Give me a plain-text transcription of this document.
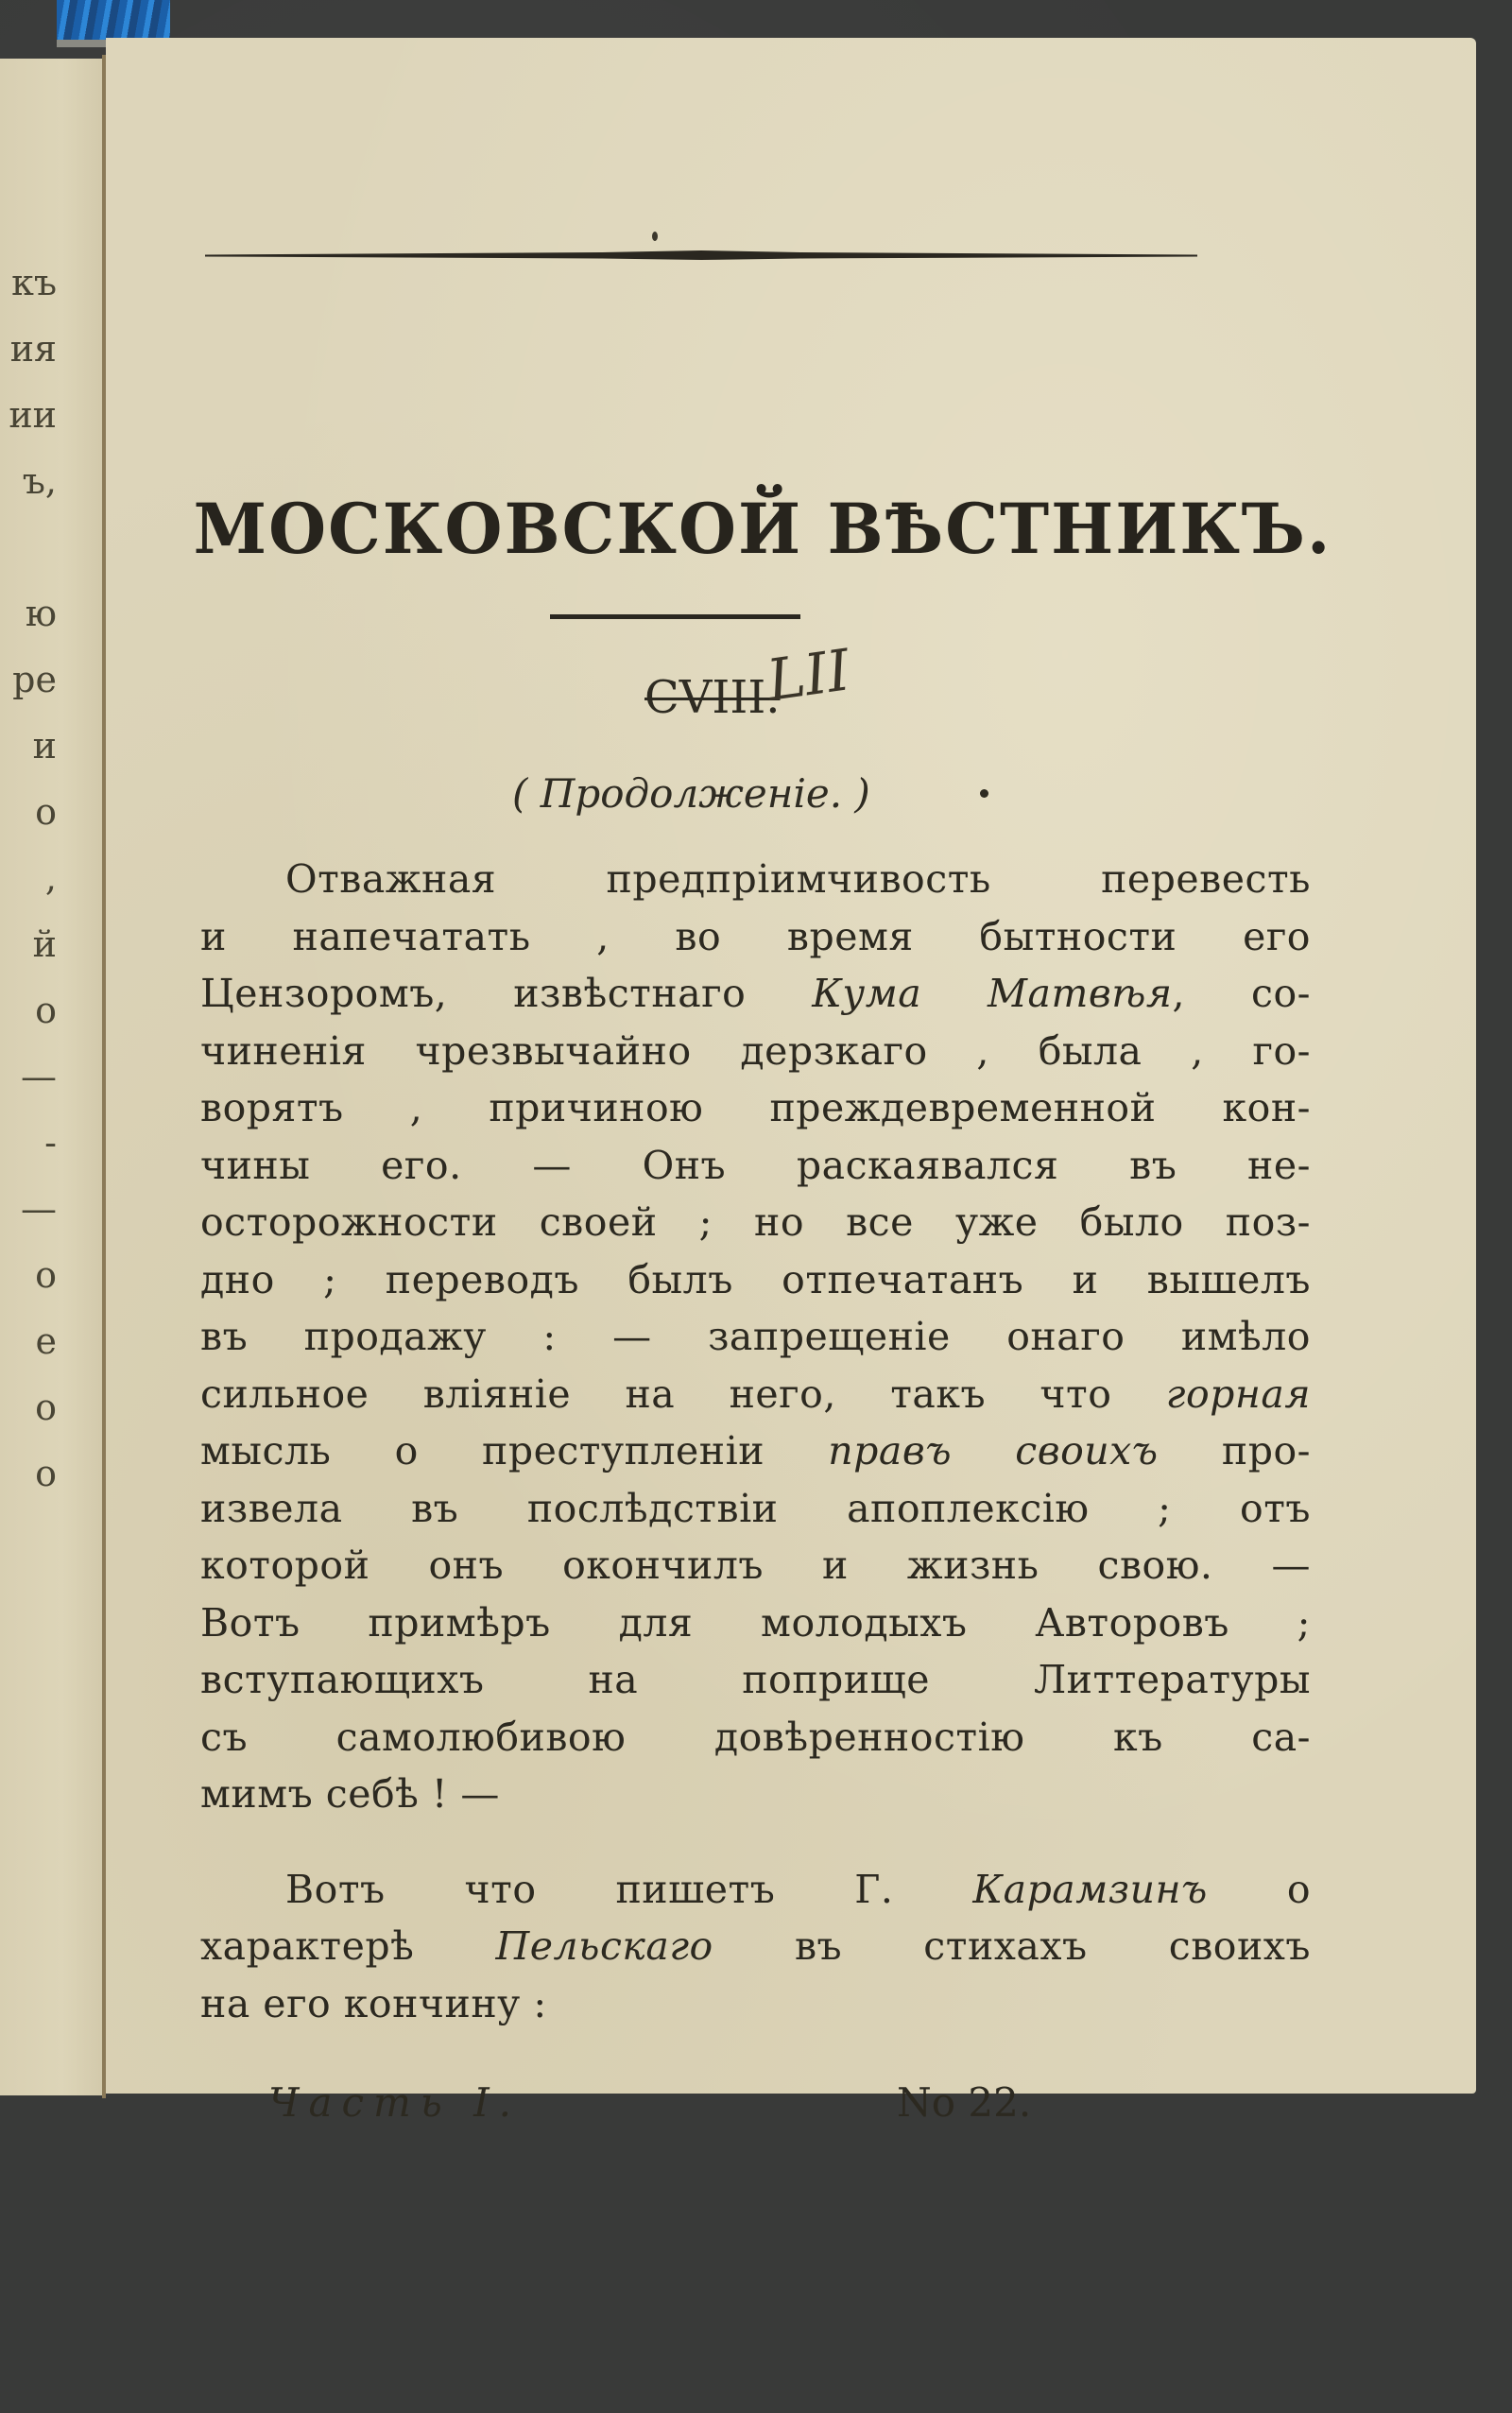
къ
ия
ии
ъ,
ю
ре
и
о
,
й
о
—
-
—
о
е
о
о
МОСКОВСКОЙ ВѢСТНИКЪ.
CVIII.
LII
( Продолженіе. )
Отважная предпріимчивость перевесть
и напечатать , во время бытности его
Цензоромъ, извѣстнаго Кума Матвѣя, со-
чиненія чрезвычайно дерзкаго , была , го-
ворятъ , причиною преждевременной кон-
чины его. — Онъ раскаявался въ не-
осторожности своей ; но все уже было поз-
дно ; переводъ былъ отпечатанъ и вышелъ
въ продажу : — запрещеніе онаго имѣло
сильное вліяніе на него, такъ что горная
мысль о преступленіи правъ своихъ про-
извела въ послѣдствіи апоплексію ; отъ
которой онъ окончилъ и жизнь свою. —
Вотъ примѣръ для молодыхъ Авторовъ ;
вступающихъ на поприще Литтературы
съ самолюбивою довѣренностію къ са-
мимъ себѣ ! —
Вотъ что пишетъ Г. Карамзинъ о
характерѣ Пельскаго въ стихахъ своихъ
на его кончину :
Часть I.	No 22.
